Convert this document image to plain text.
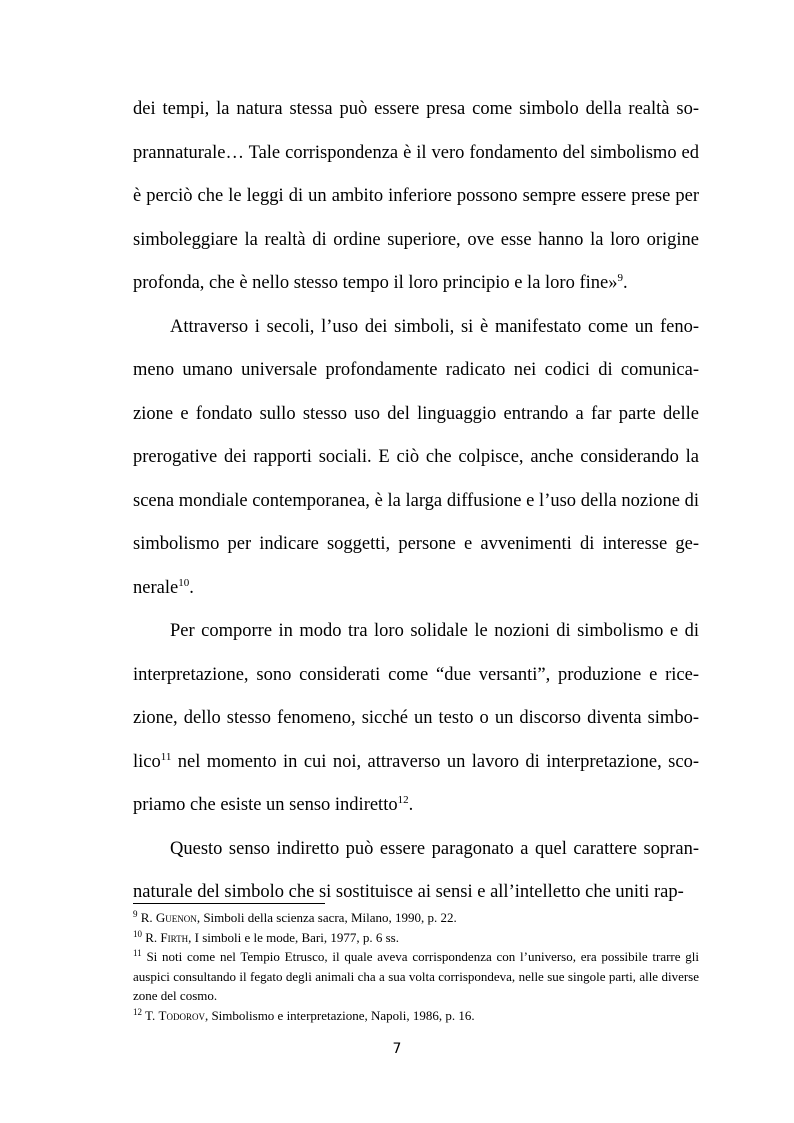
dei tempi, la natura stessa può essere presa come simbolo della realtà soprannaturale… Tale corrispondenza è il vero fondamento del simbolismo ed è perciò che le leggi di un ambito inferiore possono sempre essere prese per simboleggiare la realtà di ordine superiore, ove esse hanno la loro origine profonda, che è nello stesso tempo il loro principio e la loro fine»$^9$.

Attraverso i secoli, l’uso dei simboli, si è manifestato come un fenomeno umano universale profondamente radicato nei codici di comunicazione e fondato sullo stesso uso del linguaggio entrando a far parte delle prerogative dei rapporti sociali. E ciò che colpisce, anche considerando la scena mondiale contemporanea, è la larga diffusione e l’uso della nozione di simbolismo per indicare soggetti, persone e avvenimenti di interesse generale$^{10}$.

Per comporre in modo tra loro solidale le nozioni di simbolismo e di interpretazione, sono considerati come “due versanti”, produzione e ricezione, dello stesso fenomeno, sicché un testo o un discorso diventa simbolico$^{11}$ nel momento in cui noi, attraverso un lavoro di interpretazione, scopriamo che esiste un senso indiretto$^{12}$.

Questo senso indiretto può essere paragonato a quel carattere soprannaturale del simbolo che si sostituisce ai sensi e all’intelletto che uniti rap-

$^9$ R. Guenon, Simboli della scienza sacra, Milano, 1990, p. 22.

$^{10}$ R. Firth, I simboli e le mode, Bari, 1977, p. 6 ss.

$^{11}$ Si noti come nel Tempio Etrusco, il quale aveva corrispondenza con l’universo, era possibile trarre gli auspici consultando il fegato degli animali cha a sua volta corrispondeva, nelle sue singole parti, alle diverse zone del cosmo.

$^{12}$ T. Todorov, Simbolismo e interpretazione, Napoli, 1986, p. 16.

7
